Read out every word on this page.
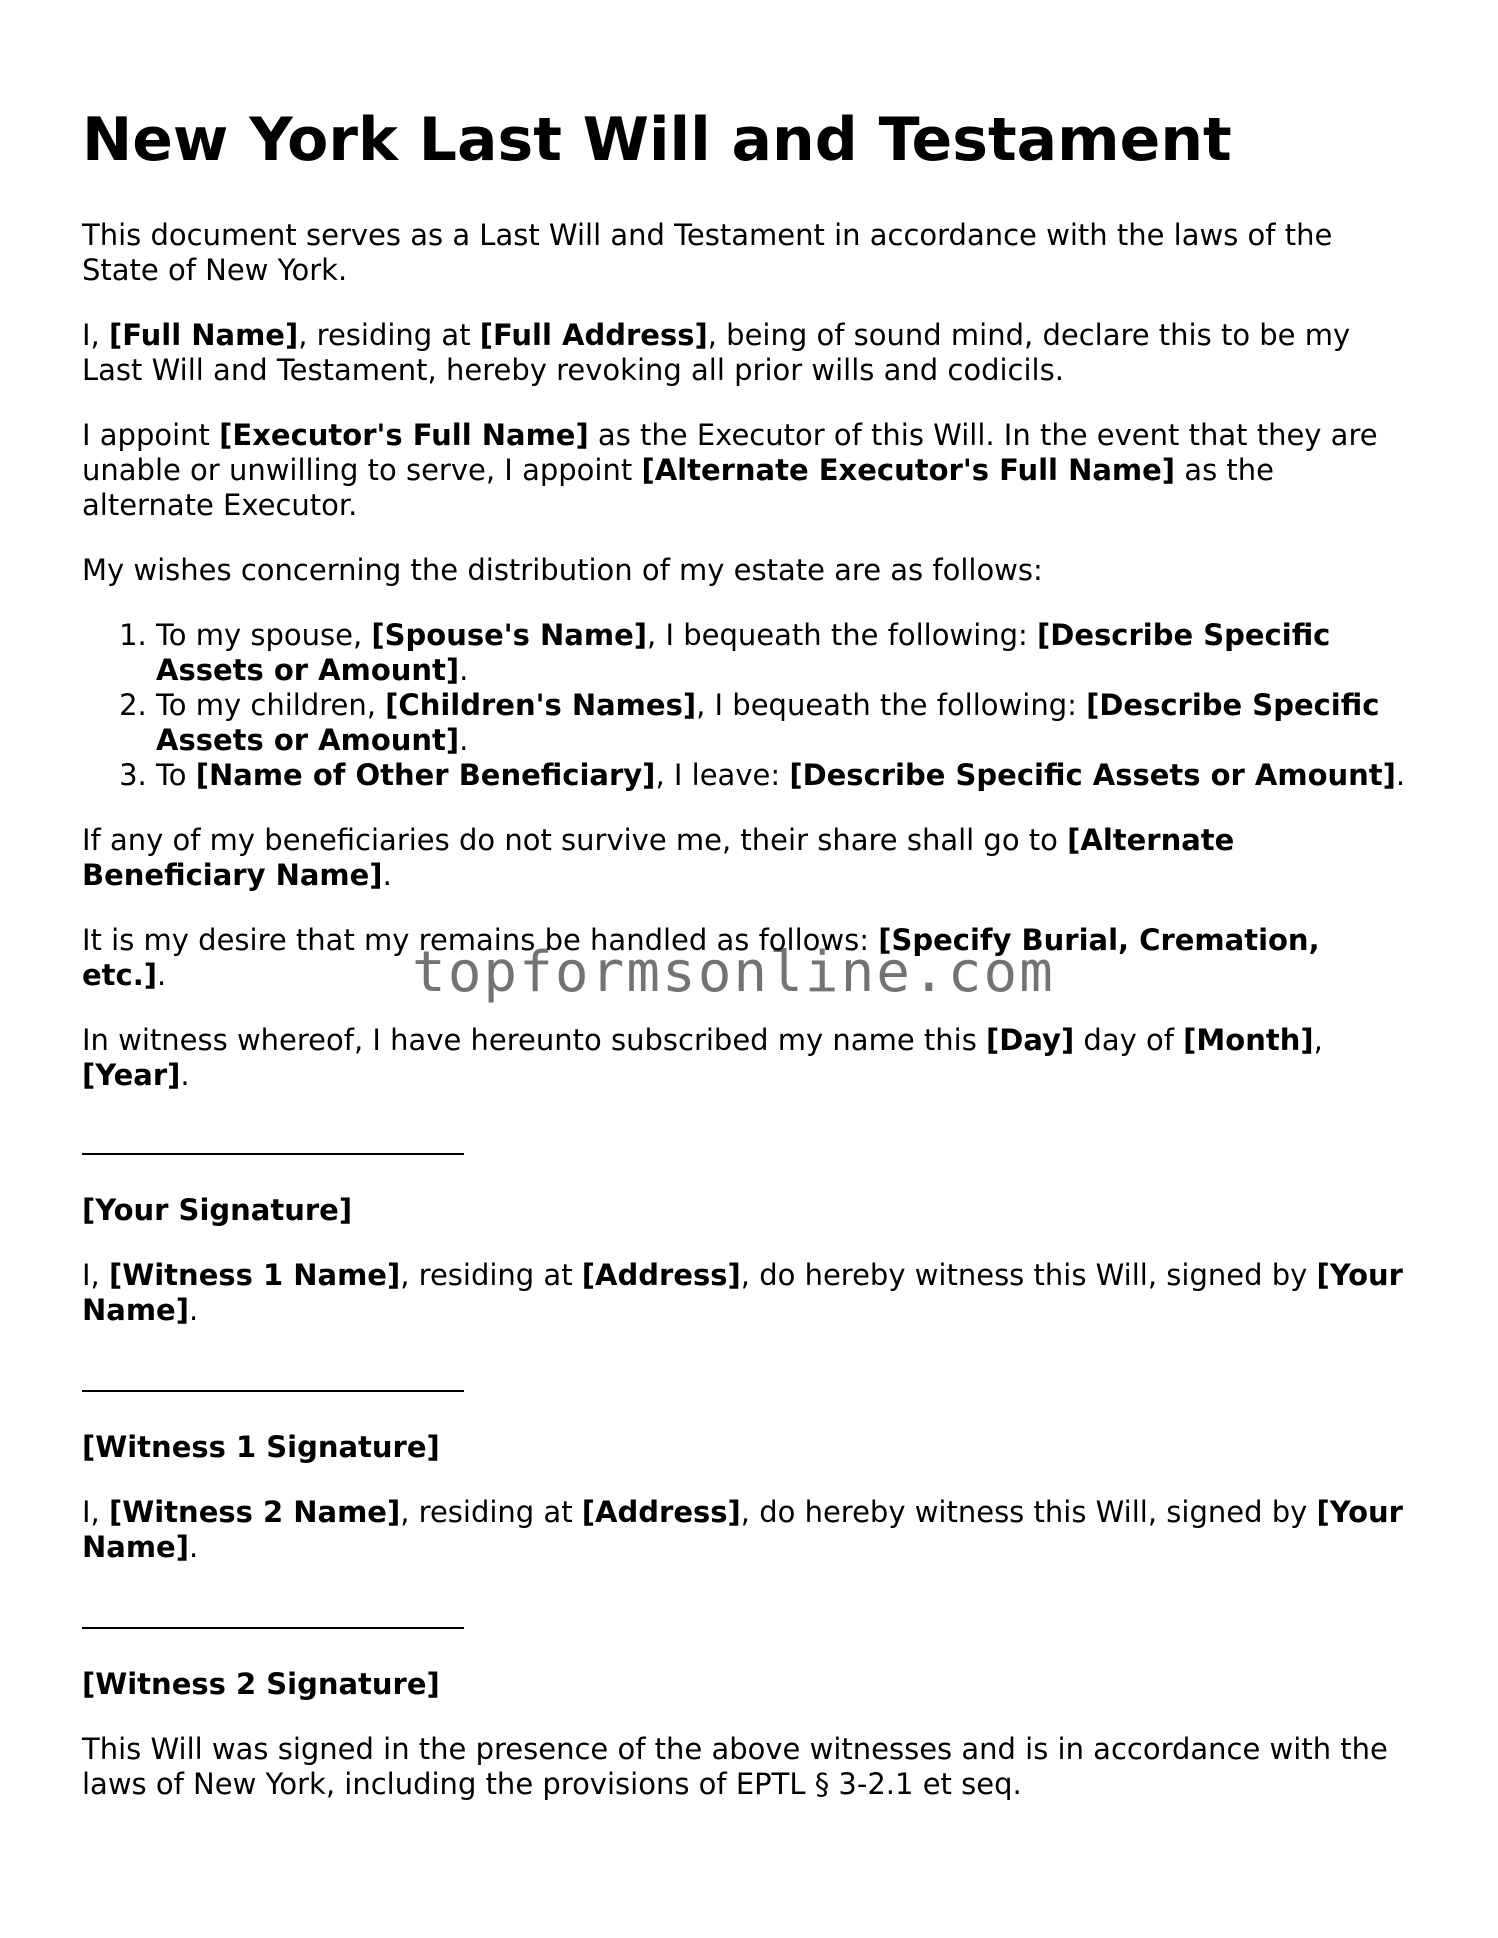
New York Last Will and Testament

This document serves as a Last Will and Testament in accordance with the laws of the State of New York.

I, [Full Name], residing at [Full Address], being of sound mind, declare this to be my Last Will and Testament, hereby revoking all prior wills and codicils.

I appoint [Executor's Full Name] as the Executor of this Will. In the event that they are unable or unwilling to serve, I appoint [Alternate Executor's Full Name] as the alternate Executor.

My wishes concerning the distribution of my estate are as follows:

1. To my spouse, [Spouse's Name], I bequeath the following: [Describe Specific Assets or Amount].
2. To my children, [Children's Names], I bequeath the following: [Describe Specific Assets or Amount].
3. To [Name of Other Beneficiary], I leave: [Describe Specific Assets or Amount].

If any of my beneficiaries do not survive me, their share shall go to [Alternate Beneficiary Name].

It is my desire that my remains be handled as follows: [Specify Burial, Cremation, etc.].

In witness whereof, I have hereunto subscribed my name this [Day] day of [Month], [Year].

[Your Signature]

I, [Witness 1 Name], residing at [Address], do hereby witness this Will, signed by [Your Name].

[Witness 1 Signature]

I, [Witness 2 Name], residing at [Address], do hereby witness this Will, signed by [Your Name].

[Witness 2 Signature]

This Will was signed in the presence of the above witnesses and is in accordance with the laws of New York, including the provisions of EPTL § 3-2.1 et seq.

topformsonline.com
